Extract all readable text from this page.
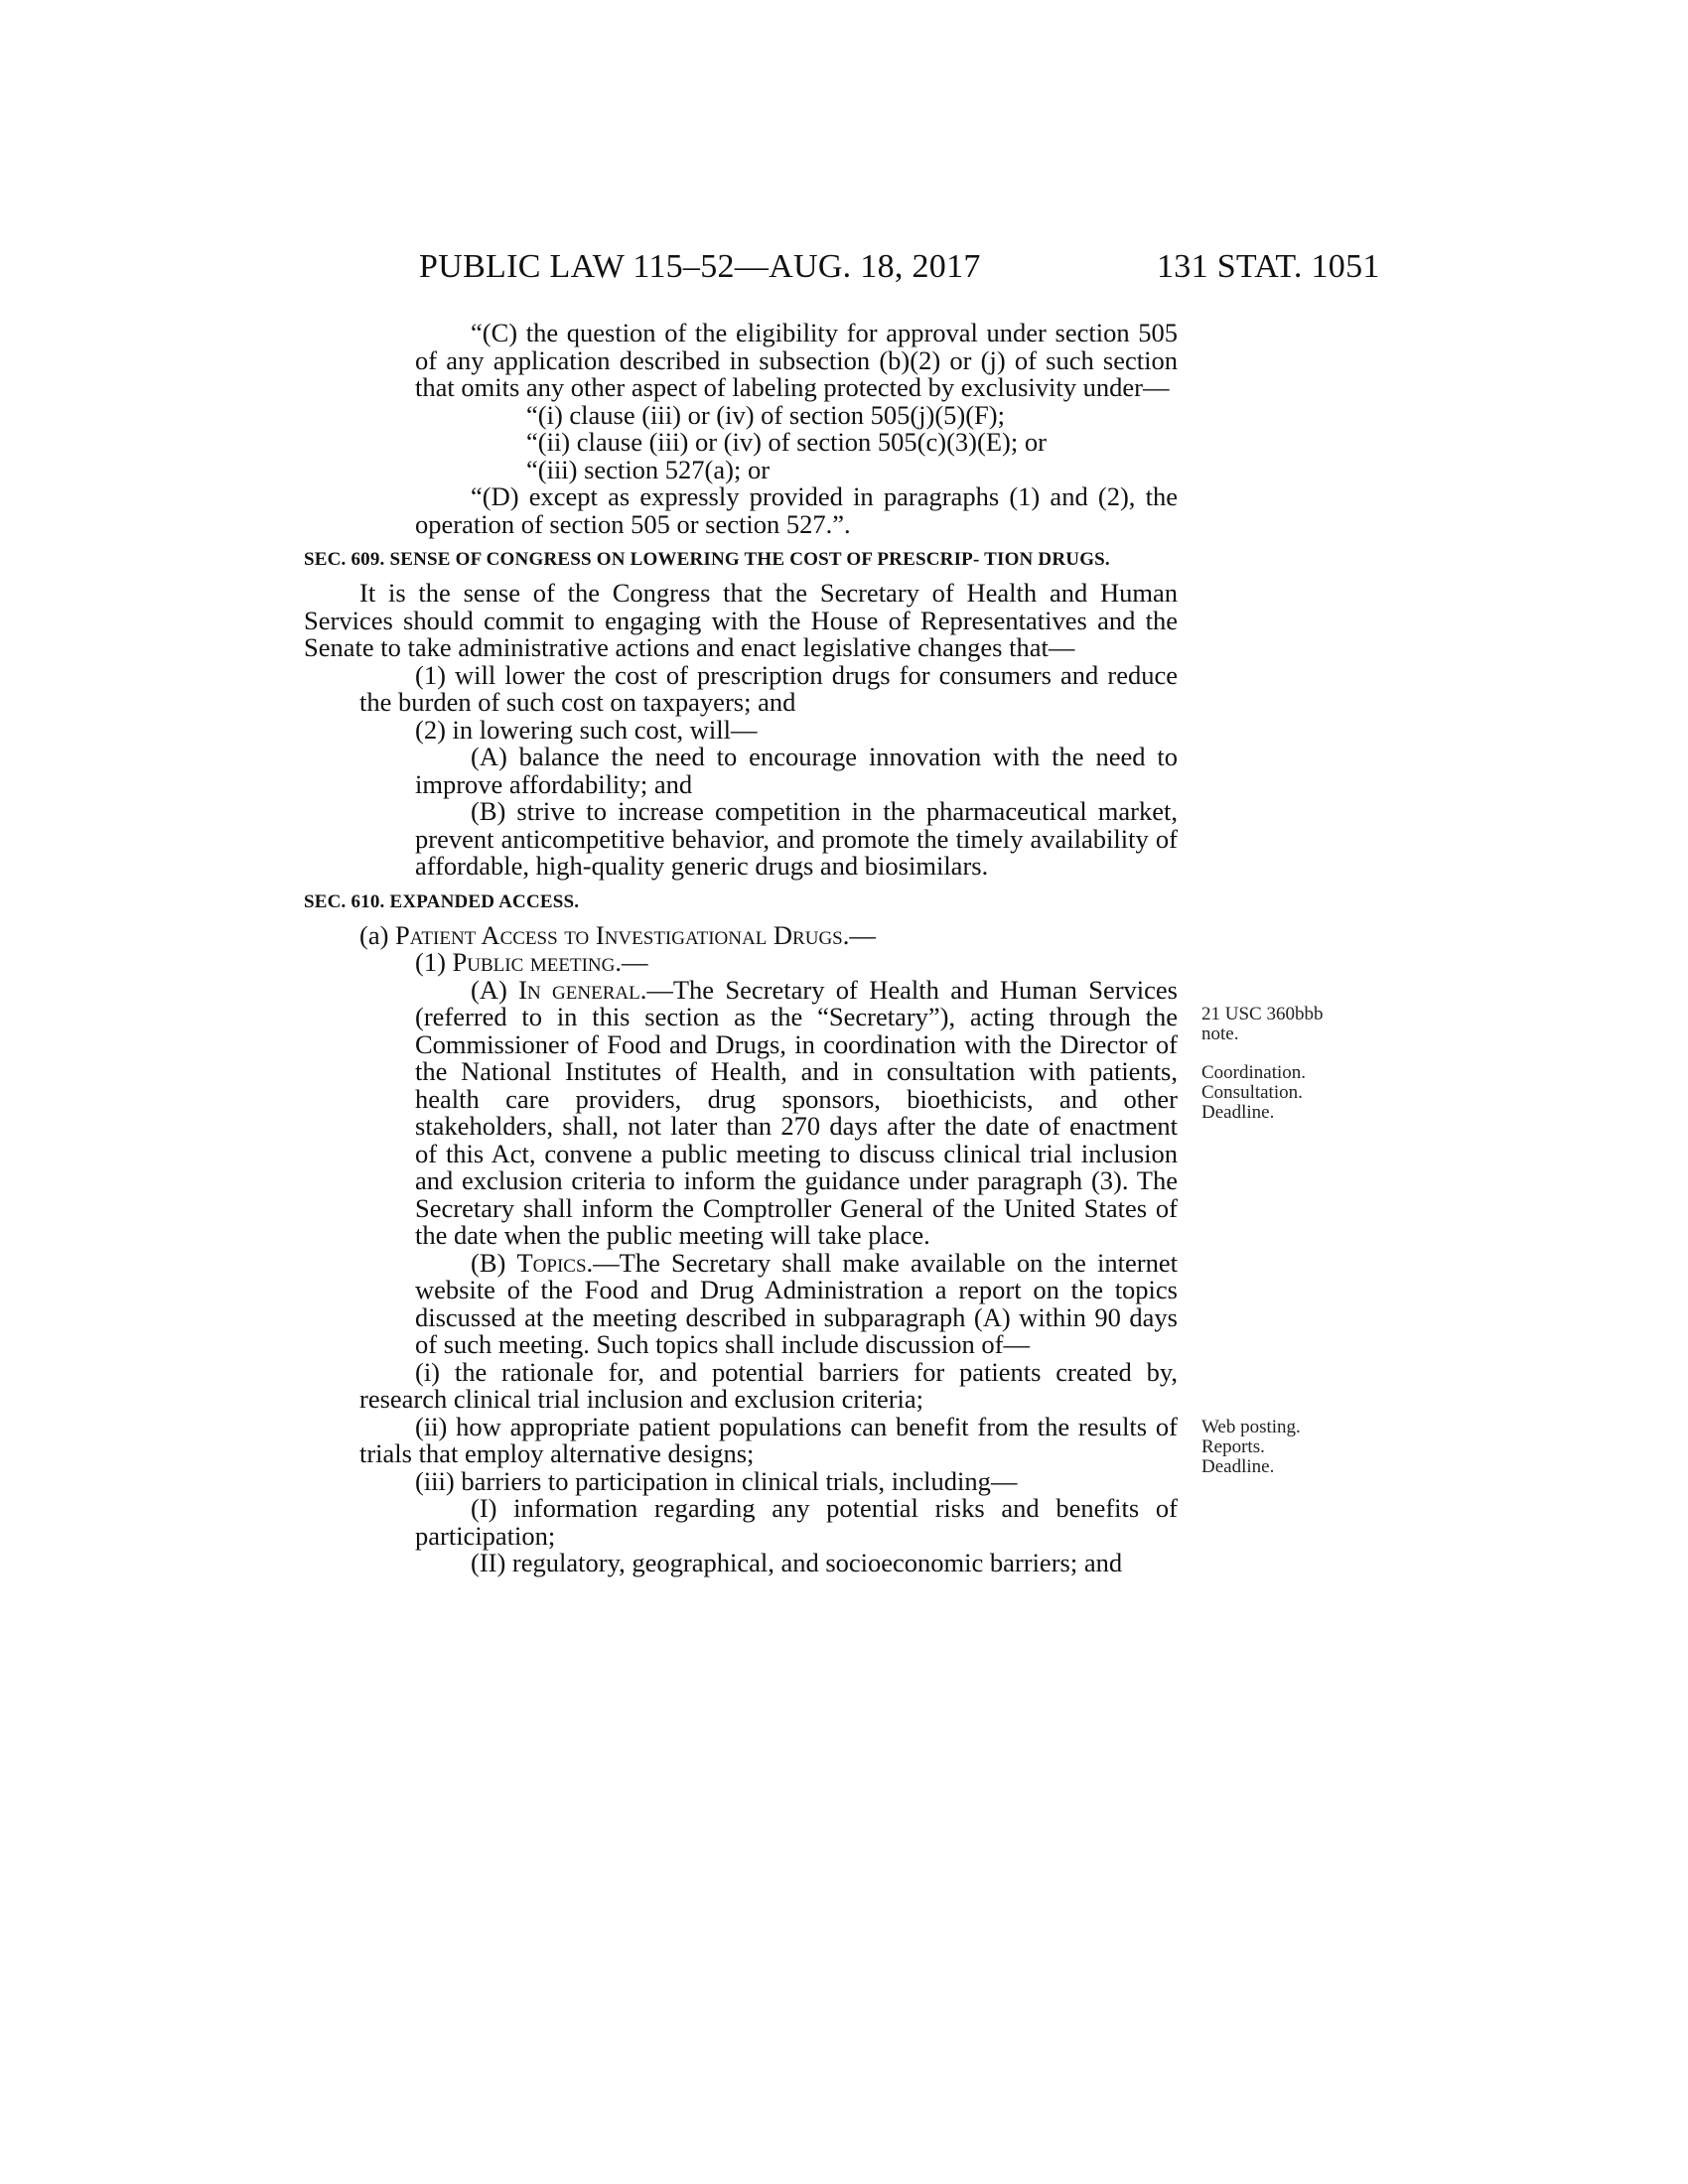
PUBLIC LAW 115–52—AUG. 18, 2017	131 STAT. 1051

“(C) the question of the eligibility for approval under section 505 of any application described in subsection (b)(2) or (j) of such section that omits any other aspect of labeling protected by exclusivity under—

“(i) clause (iii) or (iv) of section 505(j)(5)(F);

“(ii) clause (iii) or (iv) of section 505(c)(3)(E); or

“(iii) section 527(a); or

“(D) except as expressly provided in paragraphs (1) and (2), the operation of section 505 or section 527.”.

SEC. 609. SENSE OF CONGRESS ON LOWERING THE COST OF PRESCRIP- TION DRUGS.

It is the sense of the Congress that the Secretary of Health and Human Services should commit to engaging with the House of Representatives and the Senate to take administrative actions and enact legislative changes that—

(1) will lower the cost of prescription drugs for consumers and reduce the burden of such cost on taxpayers; and

(2) in lowering such cost, will—

(A) balance the need to encourage innovation with the need to improve affordability; and

(B) strive to increase competition in the pharmaceutical market, prevent anticompetitive behavior, and promote the timely availability of affordable, high-quality generic drugs and biosimilars.

SEC. 610. EXPANDED ACCESS.

(a) Patient Access to Investigational Drugs.—

(1) Public meeting.—

(A) In general.—The Secretary of Health and Human Services (referred to in this section as the “Secretary”), acting through the Commissioner of Food and Drugs, in coordination with the Director of the National Institutes of Health, and in consultation with patients, health care providers, drug sponsors, bioethicists, and other stakeholders, shall, not later than 270 days after the date of enactment of this Act, convene a public meeting to discuss clinical trial inclusion and exclusion criteria to inform the guidance under paragraph (3). The Secretary shall inform the Comptroller General of the United States of the date when the public meeting will take place.

(B) Topics.—The Secretary shall make available on the internet website of the Food and Drug Administration a report on the topics discussed at the meeting described in subparagraph (A) within 90 days of such meeting. Such topics shall include discussion of—

(i) the rationale for, and potential barriers for patients created by, research clinical trial inclusion and exclusion criteria;

(ii) how appropriate patient populations can benefit from the results of trials that employ alternative designs;

(iii) barriers to participation in clinical trials, including—

(I) information regarding any potential risks and benefits of participation;

(II) regulatory, geographical, and socioeconomic barriers; and

21 USC 360bbb
note.
Coordination.
Consultation.
Deadline.
Web posting.
Reports.
Deadline.
